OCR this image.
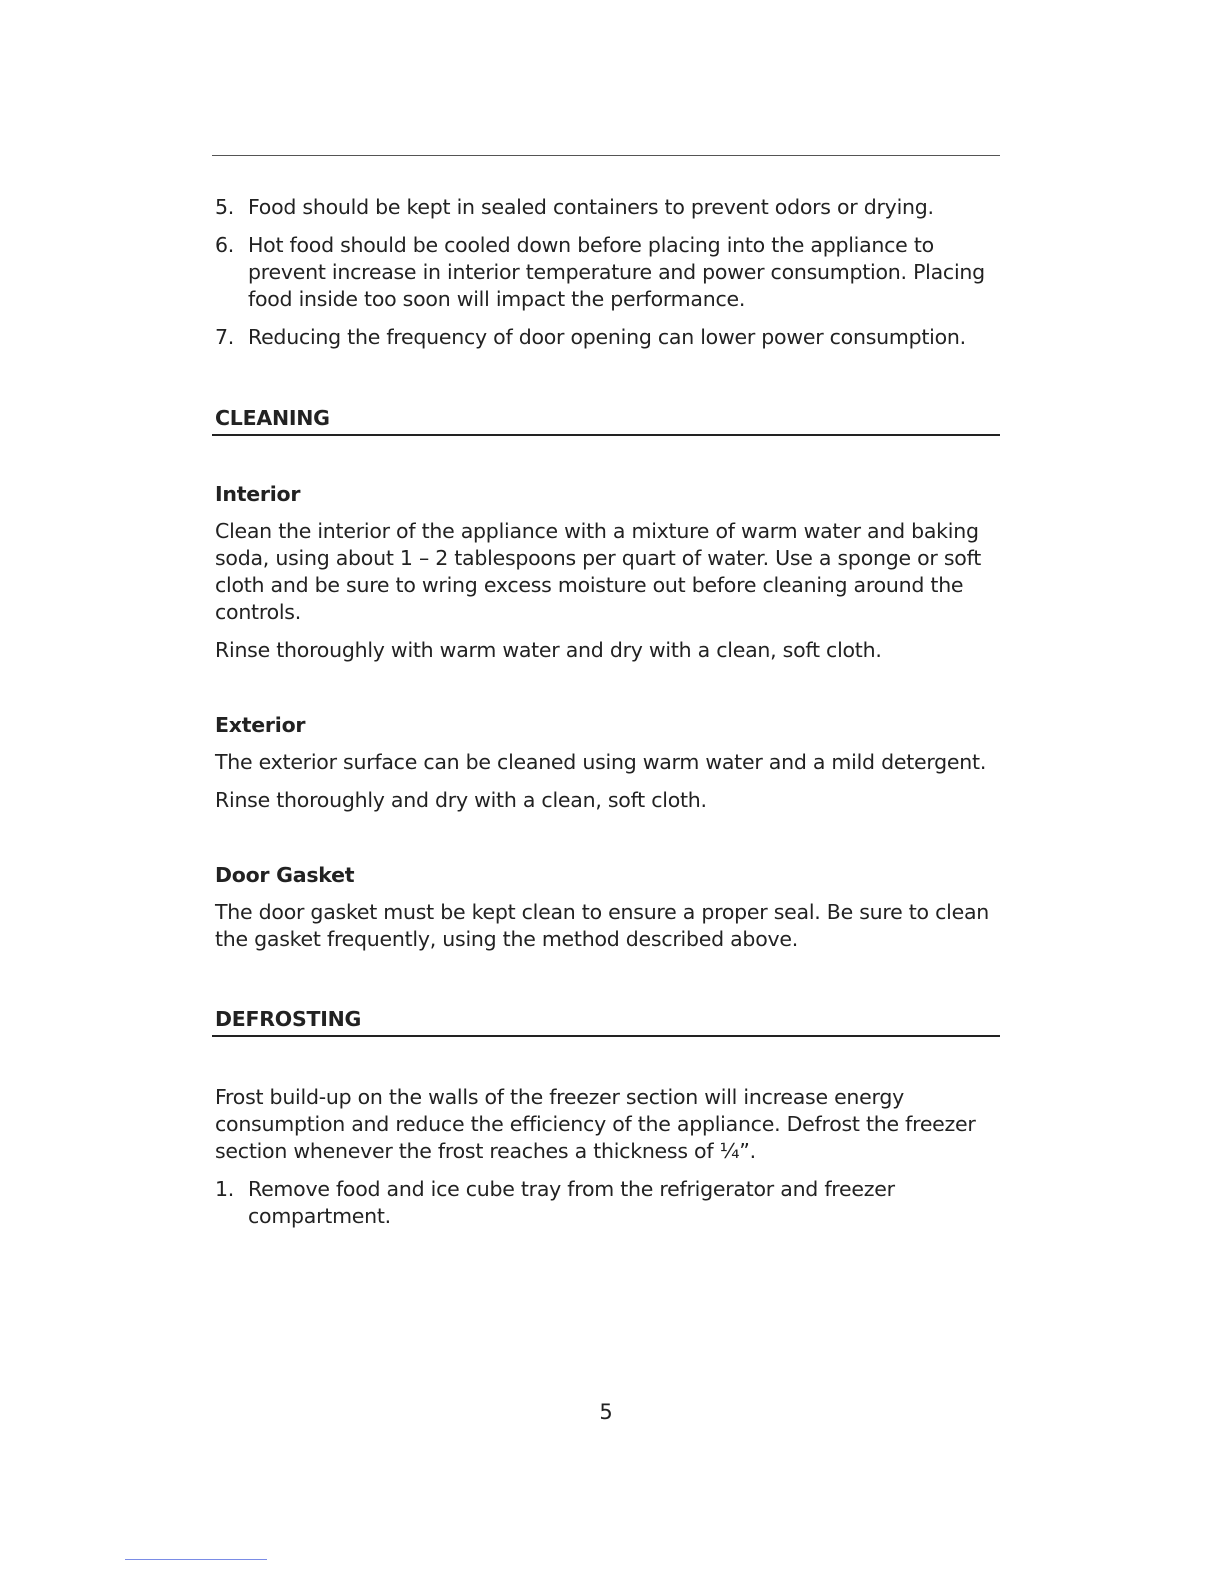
5. Food should be kept in sealed containers to prevent odors or drying.
6. Hot food should be cooled down before placing into the appliance to prevent increase in interior temperature and power consumption. Placing food inside too soon will impact the performance.
7. Reducing the frequency of door opening can lower power consumption.
CLEANING
Interior

Clean the interior of the appliance with a mixture of warm water and baking soda, using about 1 – 2 tablespoons per quart of water. Use a sponge or soft cloth and be sure to wring excess moisture out before cleaning around the controls.

Rinse thoroughly with warm water and dry with a clean, soft cloth.

Exterior

The exterior surface can be cleaned using warm water and a mild detergent.

Rinse thoroughly and dry with a clean, soft cloth.

Door Gasket

The door gasket must be kept clean to ensure a proper seal. Be sure to clean the gasket frequently, using the method described above.

DEFROSTING

Frost build-up on the walls of the freezer section will increase energy consumption and reduce the efficiency of the appliance. Defrost the freezer section whenever the frost reaches a thickness of ¼”.

1. Remove food and ice cube tray from the refrigerator and freezer compartment.
5
